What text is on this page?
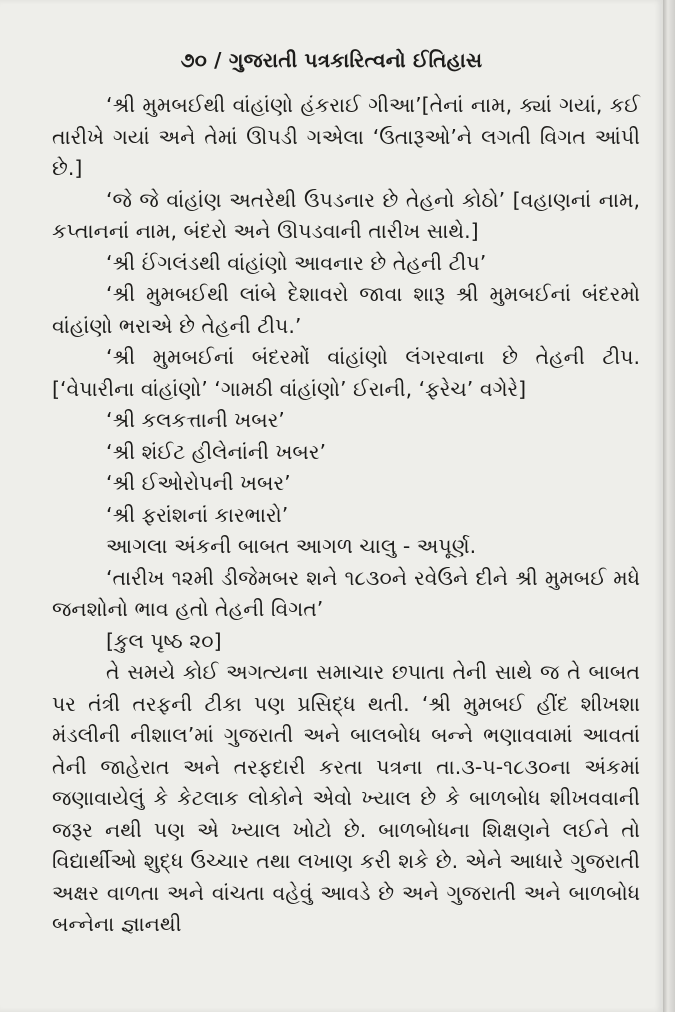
૭૦ / ગુજરાતી પત્રકારિત્વનો ઈતિહાસ

‘શ્રી મુમબઈથી વાંહાંણો હંકરાઈ ગીઆ’[તેનાં નામ, ક્યાં ગયાં, કઈ તારીખે ગયાં અને તેમાં ઊપડી ગએલા ‘ઉતારૂઓ’ને લગતી વિગત આંપી છે.]

‘જે જે વાંહાંણ અતરેથી ઉપડનાર છે તેહનો કોઠો’ [વહાણનાં નામ, કપ્તાનનાં નામ, બંદરો અને ઊપડવાની તારીખ સાથે.]

‘શ્રી ઈંગલંડથી વાંહાંણો આવનાર છે તેહની ટીપ’

‘શ્રી મુમબઈથી લાંબે દેશાવરો જાવા શારૂ શ્રી મુમબઈનાં બંદરમો વાંહાંણો ભરાએ છે તેહની ટીપ.’

‘શ્રી મુમબઈનાં બંદરમોં વાંહાંણો લંગરવાના છે તેહની ટીપ. [‘વેપારીના વાંહાંણો’ ‘ગામઠી વાંહાંણો’ ઈરાની, ‘ફરેચ’ વગેરે]

‘શ્રી કલકત્તાની ખબર’

‘શ્રી શંઈટ હીલેનાંની ખબર’

‘શ્રી ઈઓરોપની ખબર’

‘શ્રી ફરાંશનાં કારભારો’

આગલા અંકની બાબત આગળ ચાલુ - અપૂર્ણ.

‘તારીખ ૧૨મી ડીજેમબર શને ૧૮૩૦ને રવેઉને દીને શ્રી મુમબઈ મધે જનશોનો ભાવ હતો તેહની વિગત’

[કુલ પૃષ્ઠ ૨૦]

તે સમયે કોઈ અગત્યના સમાચાર છપાતા તેની સાથે જ તે બાબત પર તંત્રી તરફની ટીકા પણ પ્રસિદ્ધ થતી. ‘શ્રી મુમબઈ હીંદ શીખશા મંડલીની નીશાલ’માં ગુજરાતી અને બાલબોધ બન્ને ભણાવવામાં આવતાં તેની જાહેરાત અને તરફદારી કરતા પત્રના તા.૩-૫-૧૮૩૦ના અંકમાં જણાવાયેલું કે કેટલાક લોકોને એવો ખ્યાલ છે કે બાળબોધ શીખવવાની જરૂર નથી પણ એ ખ્યાલ ખોટો છે. બાળબોધના શિક્ષણને લઈને તો વિદ્યાર્થીઓ શુદ્ધ ઉચ્ચાર તથા લખાણ કરી શકે છે. એને આધારે ગુજરાતી અક્ષર વાળતા અને વાંચતા વહેવું આવડે છે અને ગુજરાતી અને બાળબોધ બન્નેના જ્ઞાનથી
